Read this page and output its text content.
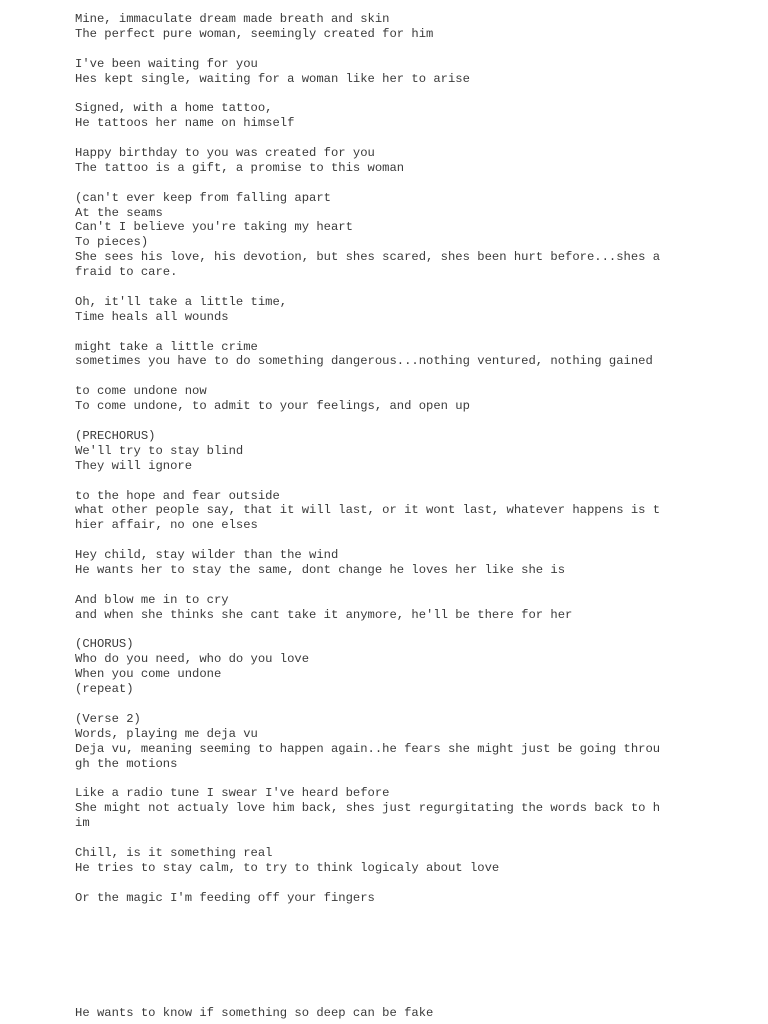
Mine, immaculate dream made breath and skin
The perfect pure woman, seemingly created for him
I've been waiting for you
Hes kept single, waiting for a woman like her to arise
Signed, with a home tattoo,
He tattoos her name on himself
Happy birthday to you was created for you
The tattoo is a gift, a promise to this woman
(can't ever keep from falling apart
At the seams
Can't I believe you're taking my heart
To pieces)
She sees his love, his devotion, but shes scared, shes been hurt before...shes a
fraid to care.
Oh, it'll take a little time,
Time heals all wounds
might take a little crime
sometimes you have to do something dangerous...nothing ventured, nothing gained
to come undone now
To come undone, to admit to your feelings, and open up
(PRECHORUS)
We'll try to stay blind
They will ignore
to the hope and fear outside
what other people say, that it will last, or it wont last, whatever happens is t
hier affair, no one elses
Hey child, stay wilder than the wind
He wants her to stay the same, dont change he loves her like she is
And blow me in to cry
and when she thinks she cant take it anymore, he'll be there for her
(CHORUS)
Who do you need, who do you love
When you come undone
(repeat)
(Verse 2)
Words, playing me deja vu
Deja vu, meaning seeming to happen again..he fears she might just be going throu
gh the motions
Like a radio tune I swear I've heard before
She might not actualy love him back, shes just regurgitating the words back to h
im
Chill, is it something real
He tries to stay calm, to try to think logicaly about love
Or the magic I'm feeding off your fingers
He wants to know if something so deep can be fake
